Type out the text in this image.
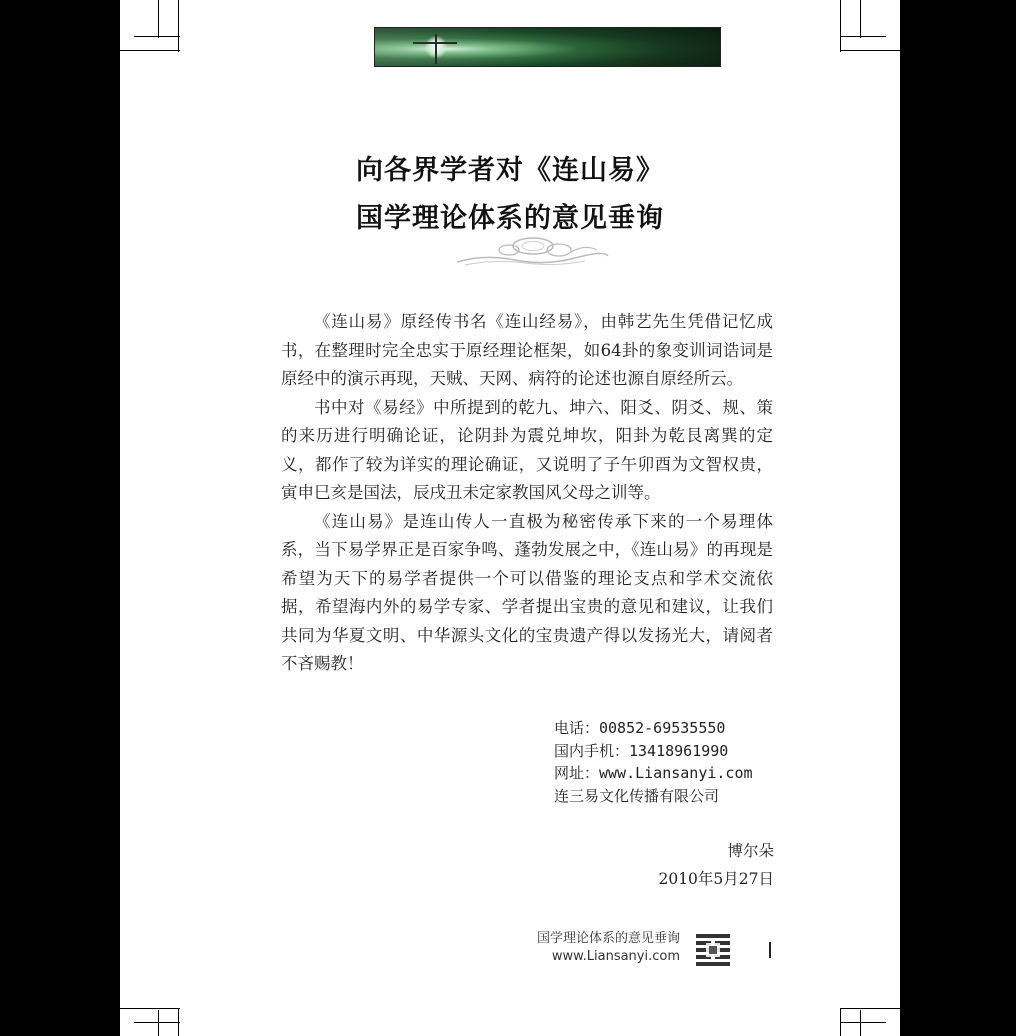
向各界学者对《连山易》
国学理论体系的意见垂询

《连山易》原经传书名《连山经易》，由韩艺先生凭借记忆成书，在整理时完全忠实于原经理论框架，如64卦的象变训词诰词是原经中的演示再现，天贼、天网、病符的论述也源自原经所云。

书中对《易经》中所提到的乾九、坤六、阳爻、阴爻、规、策的来历进行明确论证，论阴卦为震兑坤坎，阳卦为乾艮离巽的定义，都作了较为详实的理论确证，又说明了子午卯酉为文智权贵，寅申巳亥是国法，辰戌丑未定家教国风父母之训等。

《连山易》是连山传人一直极为秘密传承下来的一个易理体系，当下易学界正是百家争鸣、蓬勃发展之中，《连山易》的再现是希望为天下的易学者提供一个可以借鉴的理论支点和学术交流依据，希望海内外的易学专家、学者提出宝贵的意见和建议，让我们共同为华夏文明、中华源头文化的宝贵遗产得以发扬光大，请阅者不吝赐教！

电话：00852-69535550
国内手机：13418961990
网址：www.Liansanyi.com
连三易文化传播有限公司
博尔朵
2010年5月27日
国学理论体系的意见垂询
www.Liansanyi.com
